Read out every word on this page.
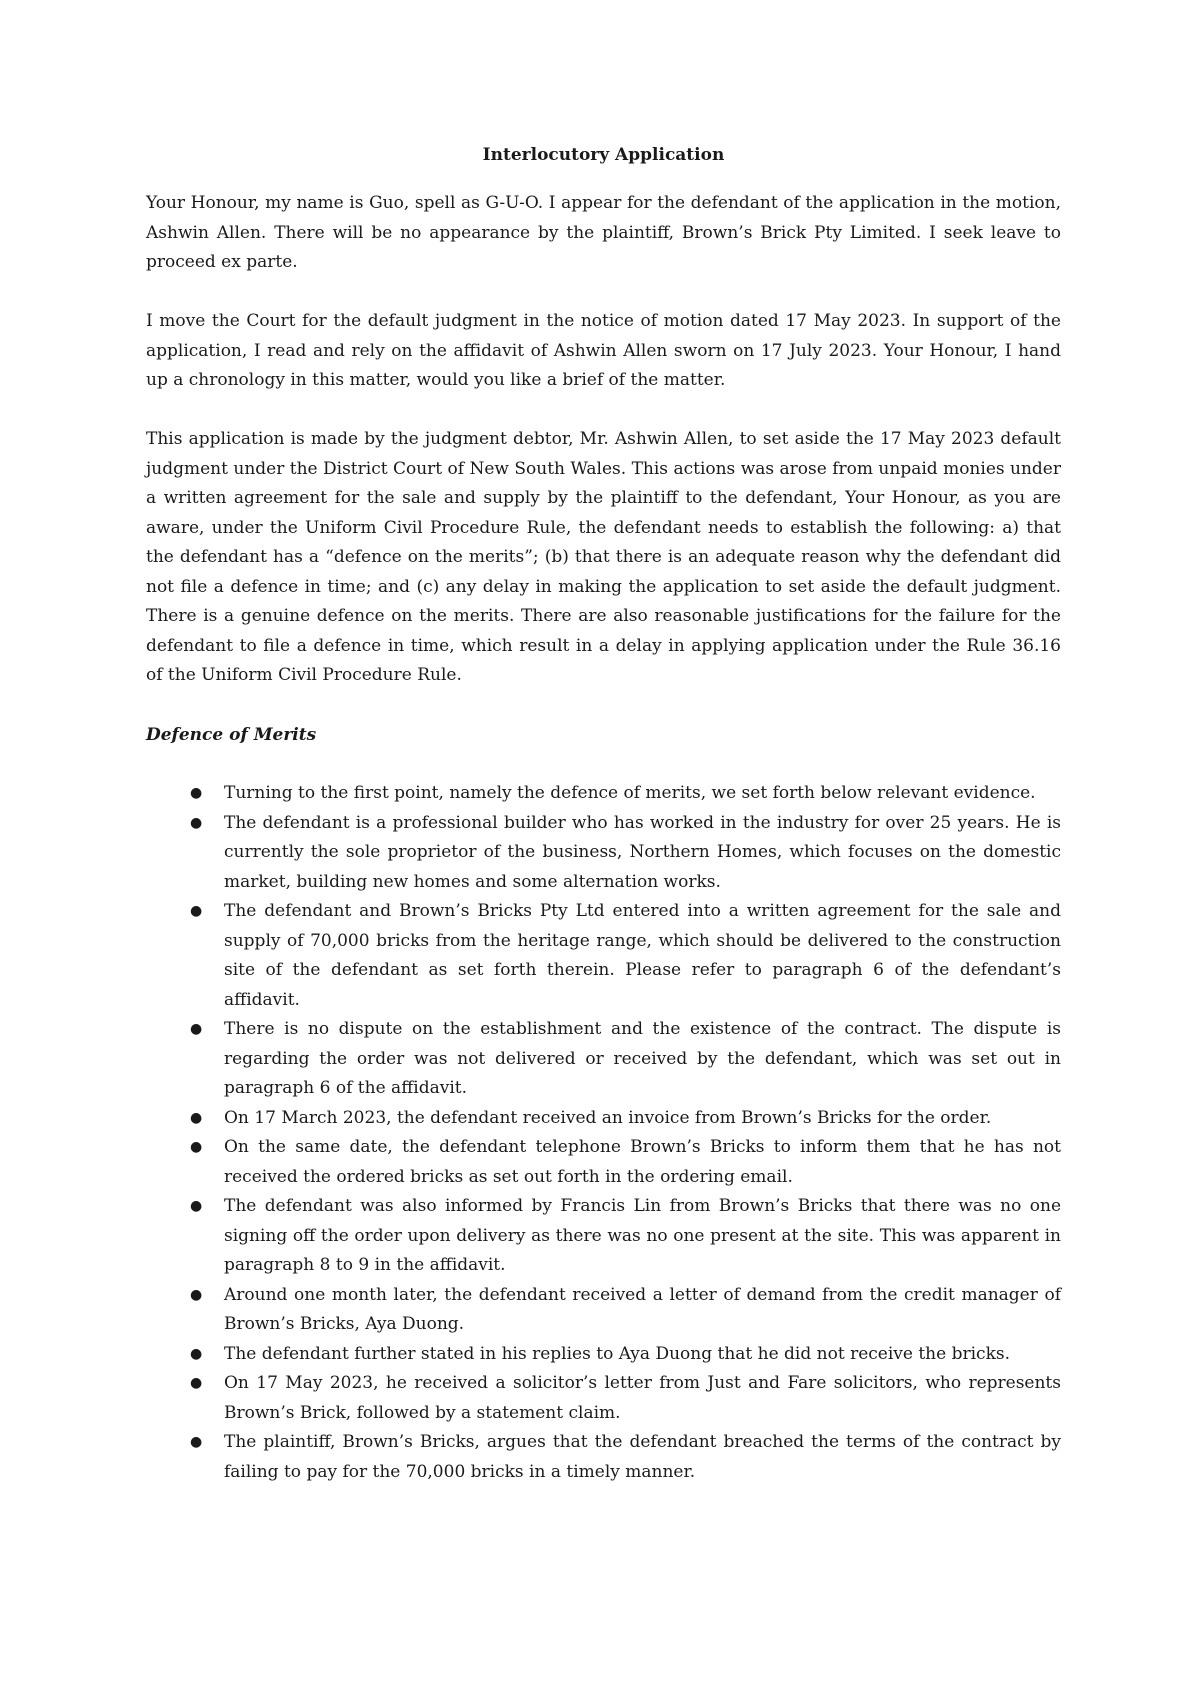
Interlocutory Application

Your Honour, my name is Guo, spell as G-U-O. I appear for the defendant of the application in the motion, Ashwin Allen. There will be no appearance by the plaintiff, Brown’s Brick Pty Limited. I seek leave to proceed ex parte.

I move the Court for the default judgment in the notice of motion dated 17 May 2023. In support of the application, I read and rely on the affidavit of Ashwin Allen sworn on 17 July 2023. Your Honour, I hand up a chronology in this matter, would you like a brief of the matter.

This application is made by the judgment debtor, Mr. Ashwin Allen, to set aside the 17 May 2023 default judgment under the District Court of New South Wales. This actions was arose from unpaid monies under a written agreement for the sale and supply by the plaintiff to the defendant, Your Honour, as you are aware, under the Uniform Civil Procedure Rule, the defendant needs to establish the following: a) that the defendant has a “defence on the merits”; (b) that there is an adequate reason why the defendant did not file a defence in time; and (c) any delay in making the application to set aside the default judgment. There is a genuine defence on the merits. There are also reasonable justifications for the failure for the defendant to file a defence in time, which result in a delay in applying application under the Rule 36.16 of the Uniform Civil Procedure Rule.

Defence of Merits
● Turning to the first point, namely the defence of merits, we set forth below relevant evidence.
● The defendant is a professional builder who has worked in the industry for over 25 years. He is currently the sole proprietor of the business, Northern Homes, which focuses on the domestic market, building new homes and some alternation works.
● The defendant and Brown’s Bricks Pty Ltd entered into a written agreement for the sale and supply of 70,000 bricks from the heritage range, which should be delivered to the construction site of the defendant as set forth therein. Please refer to paragraph 6 of the defendant’s affidavit.
● There is no dispute on the establishment and the existence of the contract. The dispute is regarding the order was not delivered or received by the defendant, which was set out in paragraph 6 of the affidavit.
● On 17 March 2023, the defendant received an invoice from Brown’s Bricks for the order.
● On the same date, the defendant telephone Brown’s Bricks to inform them that he has not received the ordered bricks as set out forth in the ordering email.
● The defendant was also informed by Francis Lin from Brown’s Bricks that there was no one signing off the order upon delivery as there was no one present at the site. This was apparent in paragraph 8 to 9 in the affidavit.
● Around one month later, the defendant received a letter of demand from the credit manager of Brown’s Bricks, Aya Duong.
● The defendant further stated in his replies to Aya Duong that he did not receive the bricks.
● On 17 May 2023, he received a solicitor’s letter from Just and Fare solicitors, who represents Brown’s Brick, followed by a statement claim.
● The plaintiff, Brown’s Bricks, argues that the defendant breached the terms of the contract by failing to pay for the 70,000 bricks in a timely manner.
